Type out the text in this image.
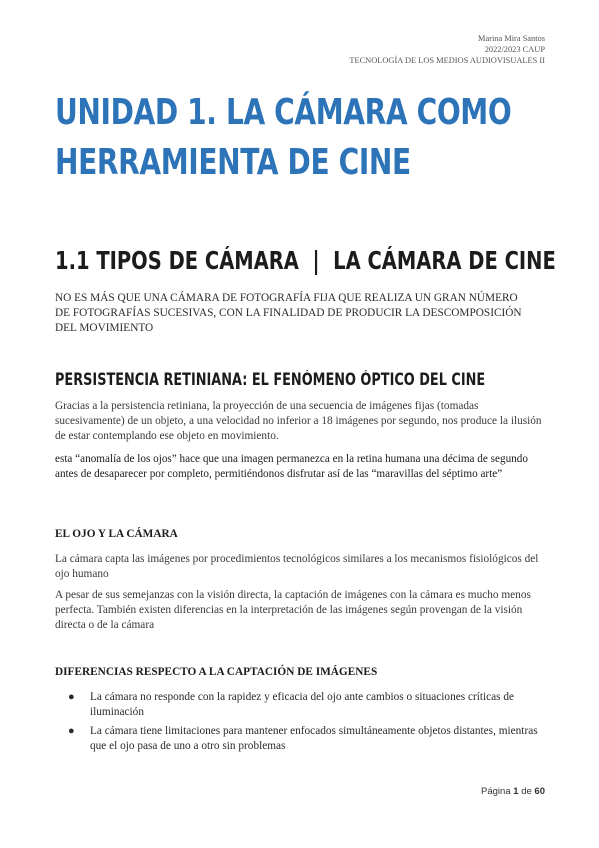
Marina Mira Santos
2022/2023 CAUP
TECNOLOGÍA DE LOS MEDIOS AUDIOVISUALES II
UNIDAD 1. LA CÁMARA COMO
HERRAMIENTA DE CINE
1.1 TIPOS DE CÁMARA  |  LA CÁMARA DE CINE

NO ES MÁS QUE UNA CÁMARA DE FOTOGRAFÍA FIJA QUE REALIZA UN GRAN NÚMERO DE FOTOGRAFÍAS SUCESIVAS, CON LA FINALIDAD DE PRODUCIR LA DESCOMPOSICIÓN DEL MOVIMIENTO

PERSISTENCIA RETINIANA: EL FENÓMENO ÓPTICO DEL CINE

Gracias a la persistencia retiniana, la proyección de una secuencia de imágenes fijas (tomadas sucesivamente) de un objeto, a una velocidad no inferior a 18 imágenes por segundo, nos produce la ilusión de estar contemplando ese objeto en movimiento.

esta “anomalía de los ojos” hace que una imagen permanezca en la retina humana una décima de segundo antes de desaparecer por completo, permitiéndonos disfrutar así de las “maravillas del séptimo arte”

EL OJO Y LA CÁMARA

La cámara capta las imágenes por procedimientos tecnológicos similares a los mecanismos fisiológicos del ojo humano

A pesar de sus semejanzas con la visión directa, la captación de imágenes con la cámara es mucho menos perfecta. También existen diferencias en la interpretación de las imágenes según provengan de la visión directa o de la cámara

DIFERENCIAS RESPECTO A LA CAPTACIÓN DE IMÁGENES

● La cámara no responde con la rapidez y eficacia del ojo ante cambios o situaciones críticas de iluminación
● La cámara tiene limitaciones para mantener enfocados simultáneamente objetos distantes, mientras que el ojo pasa de uno a otro sin problemas
Página 1 de 60
